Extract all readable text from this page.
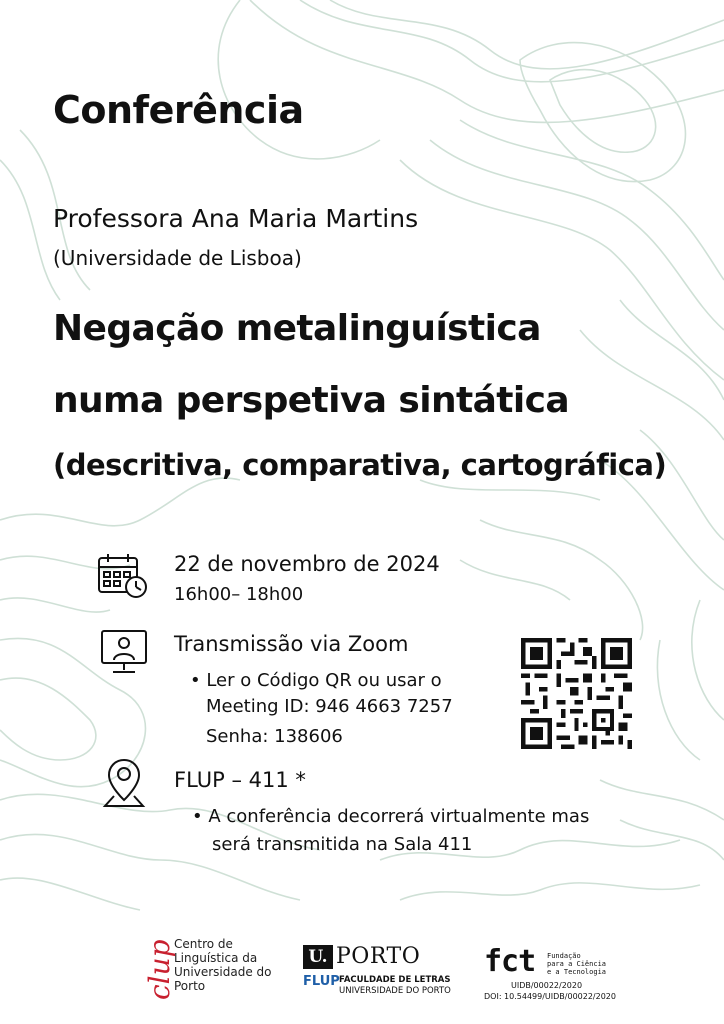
Conferência
Professora Ana Maria Martins
(Universidade de Lisboa)
Negação metalinguística
numa perspetiva sintática
(descritiva, comparativa, cartográfica)
22 de novembro de 2024
16h00– 18h00
Transmissão via Zoom
• Ler o Código QR ou usar o
Meeting ID: 946 4663 7257
Senha: 138606
FLUP – 411 *
• A conferência decorrerá virtualmente mas
será transmitida na Sala 411
clup
Centro de
Linguística da
Universidade do
Porto
U. PORTO
FLUP FACULDADE DE LETRAS
UNIVERSIDADE DO PORTO
fct Fundação
para a Ciência
e a Tecnologia
UIDB/00022/2020
DOI: 10.54499/UIDB/00022/2020
